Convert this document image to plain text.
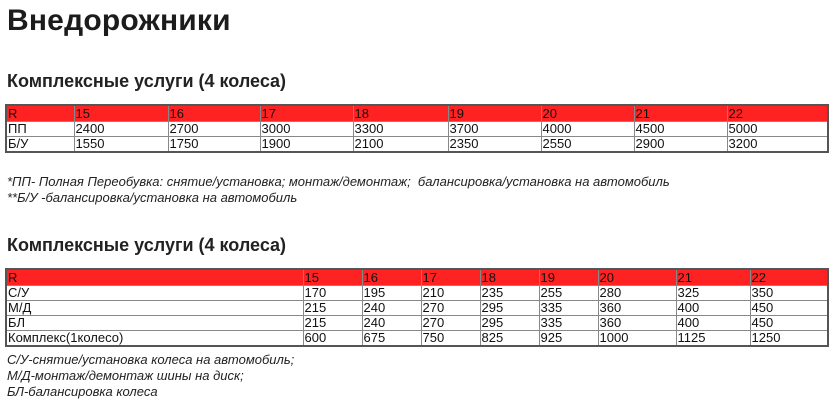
Внедорожники
Комплексные услуги (4 колеса)
R	15	16	17	18	19	20	21	22
ПП	2400	2700	3000	3300	3700	4000	4500	5000
Б/У	1550	1750	1900	2100	2350	2550	2900	3200
*ПП- Полная Переобувка: снятие/установка; монтаж/демонтаж;  балансировка/установка на автомобиль
**Б/У -балансировка/установка на автомобиль
Комплексные услуги (4 колеса)
R	15	16	17	18	19	20	21	22
С/У	170	195	210	235	255	280	325	350
М/Д	215	240	270	295	335	360	400	450
БЛ	215	240	270	295	335	360	400	450
Комплекс(1колесо)	600	675	750	825	925	1000	1125	1250
С/У-снятие/установка колеса на автомобиль;
М/Д-монтаж/демонтаж шины на диск;
БЛ-балансировка колеса
